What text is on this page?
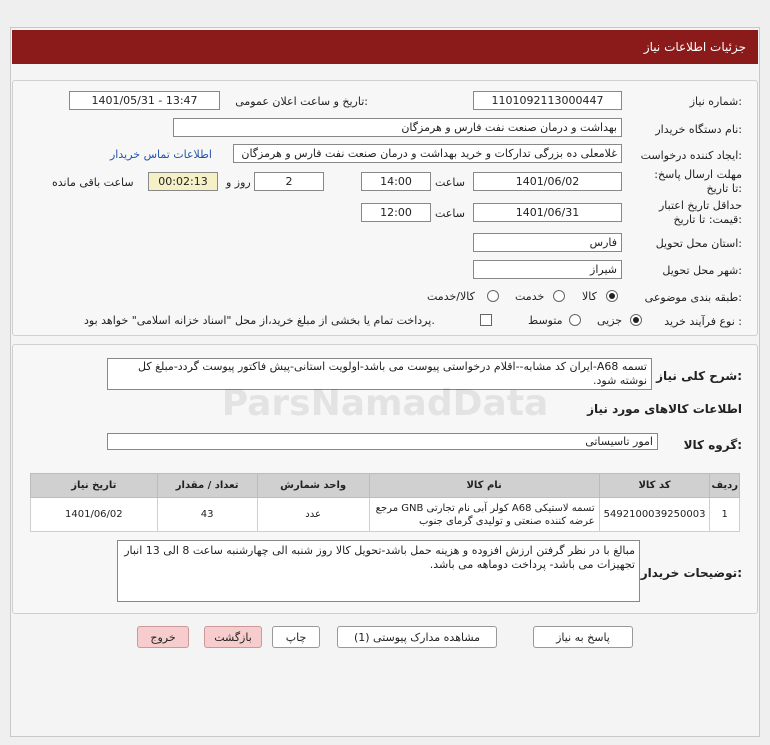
جزئیات اطلاعات نیاز
شماره نیاز:
1101092113000447
تاریخ و ساعت اعلان عمومی:
1401/05/31 - 13:47
نام دستگاه خریدار:
بهداشت و درمان صنعت نفت فارس و هرمزگان
ایجاد کننده درخواست:
غلامعلی ده بزرگی تدارکات و خرید بهداشت و درمان صنعت نفت فارس و هرمزگان
اطلاعات تماس خریدار
مهلت ارسال پاسخ: تا تاریخ:
1401/06/02
ساعت
14:00
2
روز و
00:02:13
ساعت باقی مانده
حداقل تاریخ اعتبار قیمت: تا تاریخ:
1401/06/31
ساعت
12:00
استان محل تحویل:
فارس
شهر محل تحویل:
شیراز
طبقه بندی موضوعی:
کالا
خدمت
کالا/خدمت
نوع فرآیند خرید :
جزیی
متوسط
پرداخت تمام یا بخشی از مبلغ خرید،از محل "اسناد خزانه اسلامی" خواهد بود.
شرح کلی نیاز:
تسمه A68-ایران کد مشابه--اقلام درخواستی پیوست می باشد-اولویت استانی-پیش فاکتور پیوست گردد-مبلغ کل نوشته شود.
اطلاعات کالاهای مورد نیاز
گروه کالا:
امور تاسیساتی
ردیف	کد کالا	نام کالا	واحد شمارش	تعداد / مقدار	تاریخ نیاز
1	5492100039250003	تسمه لاستیکی A68 کولر آبی نام تجارتی GNB مرجع عرضه کننده صنعتی و تولیدی گرمای جنوب	عدد	43	1401/06/02
توضیحات خریدار:
مبالغ با در نظر گرفتن ارزش افزوده و هزینه حمل باشد-تحویل کالا روز شنبه الی چهارشنبه ساعت 8 الی 13 انبار تجهیزات می باشد- پرداخت دوماهه می باشد.
پاسخ به نیاز
مشاهده مدارک پیوستی (1)
چاپ
بازگشت
خروج
